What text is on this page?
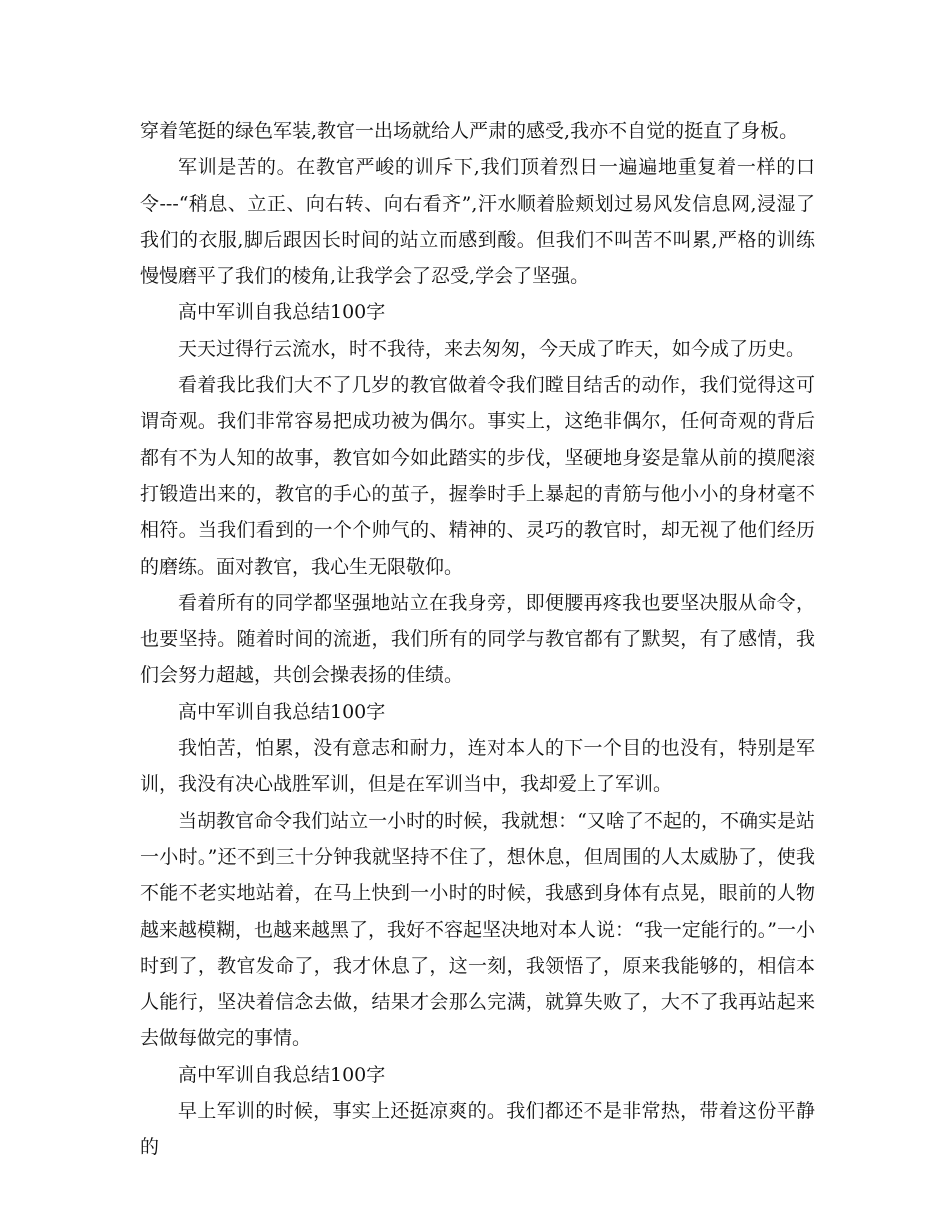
穿着笔挺的绿色军装,教官一出场就给人严肃的感受,我亦不自觉的挺直了身板。

军训是苦的。在教官严峻的训斥下,我们顶着烈日一遍遍地重复着一样的口令---“稍息、立正、向右转、向右看齐”,汗水顺着脸颊划过易风发信息网,浸湿了我们的衣服,脚后跟因长时间的站立而感到酸。但我们不叫苦不叫累,严格的训练慢慢磨平了我们的棱角,让我学会了忍受,学会了坚强。

高中军训自我总结100字

天天过得行云流水，时不我待，来去匆匆，今天成了昨天，如今成了历史。

看着我比我们大不了几岁的教官做着令我们瞠目结舌的动作，我们觉得这可谓奇观。我们非常容易把成功被为偶尔。事实上，这绝非偶尔，任何奇观的背后都有不为人知的故事，教官如今如此踏实的步伐，坚硬地身姿是靠从前的摸爬滚打锻造出来的，教官的手心的茧子，握拳时手上暴起的青筋与他小小的身材毫不相符。当我们看到的一个个帅气的、精神的、灵巧的教官时，却无视了他们经历的磨练。面对教官，我心生无限敬仰。

看着所有的同学都坚强地站立在我身旁，即便腰再疼我也要坚决服从命令，也要坚持。随着时间的流逝，我们所有的同学与教官都有了默契，有了感情，我们会努力超越，共创会操表扬的佳绩。

高中军训自我总结100字

我怕苦，怕累，没有意志和耐力，连对本人的下一个目的也没有，特别是军训，我没有决心战胜军训，但是在军训当中，我却爱上了军训。

当胡教官命令我们站立一小时的时候，我就想：“又啥了不起的，不确实是站一小时。”还不到三十分钟我就坚持不住了，想休息，但周围的人太威胁了，使我不能不老实地站着，在马上快到一小时的时候，我感到身体有点晃，眼前的人物越来越模糊，也越来越黑了，我好不容起坚决地对本人说：“我一定能行的。”一小时到了，教官发命了，我才休息了，这一刻，我领悟了，原来我能够的，相信本人能行，坚决着信念去做，结果才会那么完满，就算失败了，大不了我再站起来去做每做完的事情。

高中军训自我总结100字

早上军训的时候，事实上还挺凉爽的。我们都还不是非常热，带着这份平静的
